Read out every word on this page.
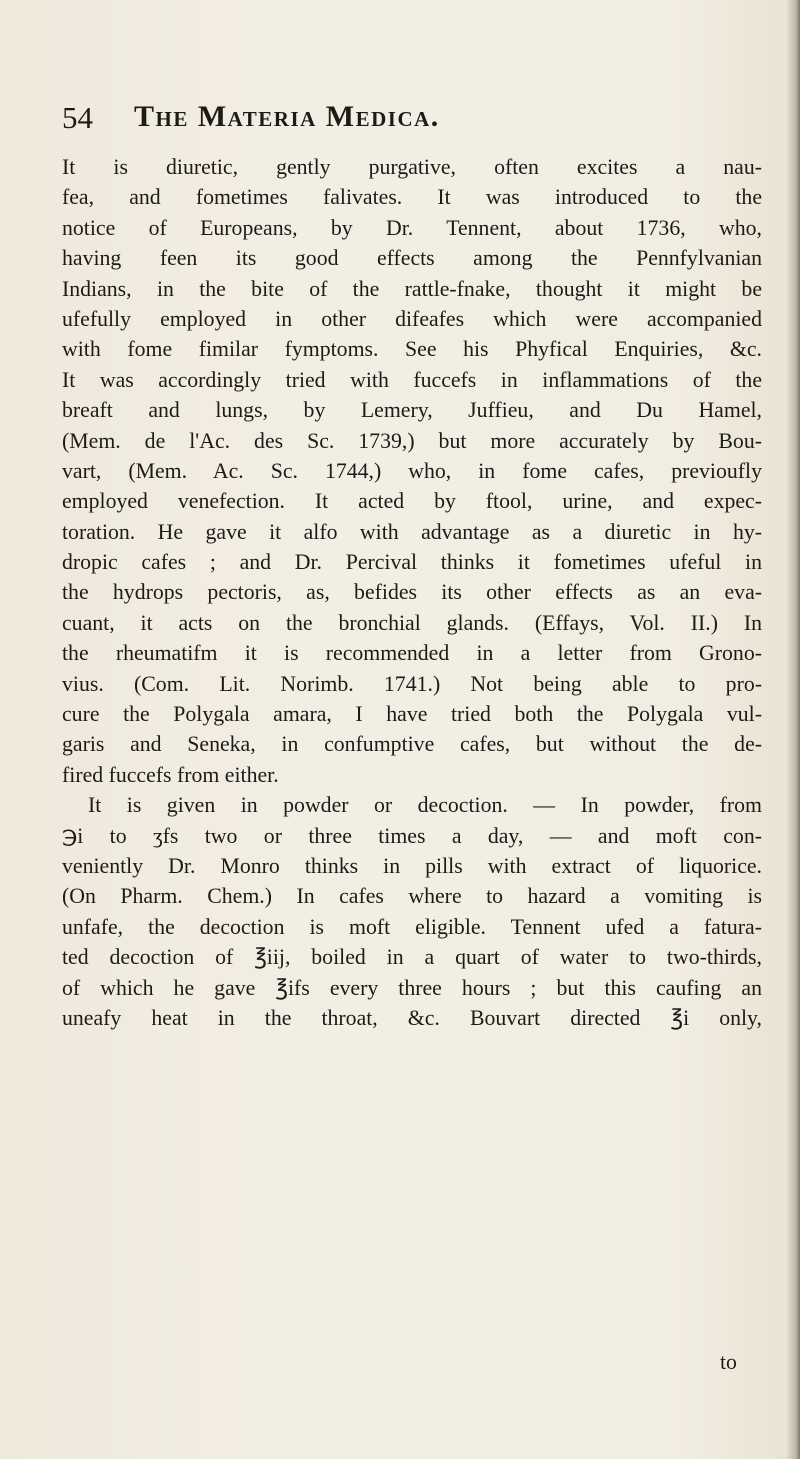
54 The Materia Medica.
It is diuretic, gently purgative, often excites a nau-
fea, and fometimes falivates. It was introduced to the
notice of Europeans, by Dr. Tennent, about 1736, who,
having feen its good effects among the Pennfylvanian
Indians, in the bite of the rattle-fnake, thought it might be
ufefully employed in other difeafes which were accompanied
with fome fimilar fymptoms. See his Phyfical Enquiries, &c.
It was accordingly tried with fuccefs in inflammations of the
breaft and lungs, by Lemery, Juffieu, and Du Hamel,
(Mem. de l'Ac. des Sc. 1739,) but more accurately by Bou-
vart, (Mem. Ac. Sc. 1744,) who, in fome cafes, previoufly
employed venefection. It acted by ftool, urine, and expec-
toration. He gave it alfo with advantage as a diuretic in hy-
dropic cafes ; and Dr. Percival thinks it fometimes ufeful in
the hydrops pectoris, as, befides its other effects as an eva-
cuant, it acts on the bronchial glands. (Effays, Vol. II.) In
the rheumatifm it is recommended in a letter from Grono-
vius. (Com. Lit. Norimb. 1741.) Not being able to pro-
cure the Polygala amara, I have tried both the Polygala vul-
garis and Seneka, in confumptive cafes, but without the de-
fired fuccefs from either.
It is given in powder or decoction. — In powder, from
℈i to ʒfs two or three times a day, — and moft con-
veniently Dr. Monro thinks in pills with extract of liquorice.
(On Pharm. Chem.) In cafes where to hazard a vomiting is
unfafe, the decoction is moft eligible. Tennent ufed a fatura-
ted decoction of ℥iij, boiled in a quart of water to two-thirds,
of which he gave ℥ifs every three hours ; but this caufing an
uneafy heat in the throat, &c. Bouvart directed ℥i only,
to
